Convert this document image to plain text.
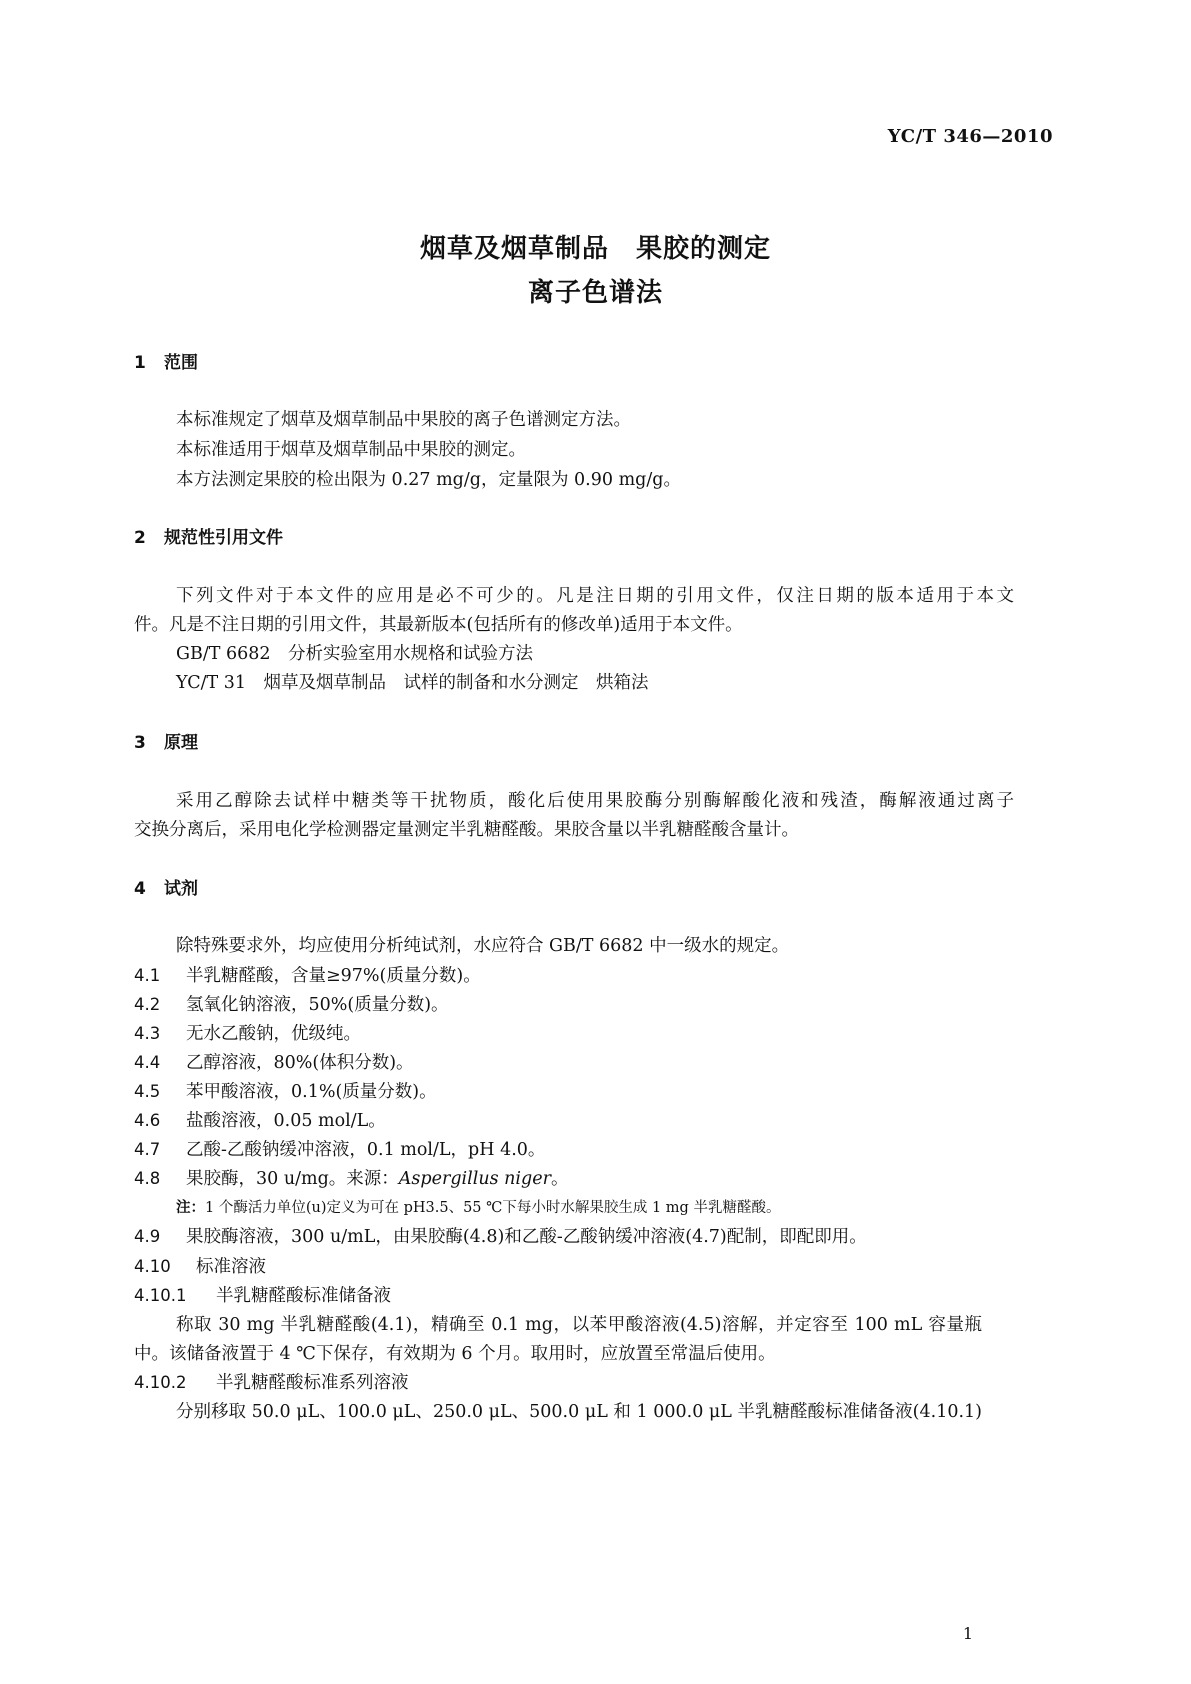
YC/T 346—2010
烟草及烟草制品　果胶的测定
离子色谱法
1 范围
本标准规定了烟草及烟草制品中果胶的离子色谱测定方法。
本标准适用于烟草及烟草制品中果胶的测定。
本方法测定果胶的检出限为 0.27 mg/g，定量限为 0.90 mg/g。
2 规范性引用文件
下列文件对于本文件的应用是必不可少的。凡是注日期的引用文件，仅注日期的版本适用于本文
件。凡是不注日期的引用文件，其最新版本(包括所有的修改单)适用于本文件。
GB/T 6682　分析实验室用水规格和试验方法
YC/T 31　烟草及烟草制品　试样的制备和水分测定　烘箱法
3 原理
采用乙醇除去试样中糖类等干扰物质，酸化后使用果胶酶分别酶解酸化液和残渣，酶解液通过离子
交换分离后，采用电化学检测器定量测定半乳糖醛酸。果胶含量以半乳糖醛酸含量计。
4 试剂
除特殊要求外，均应使用分析纯试剂，水应符合 GB/T 6682 中一级水的规定。
4.1 半乳糖醛酸，含量≥97%(质量分数)。
4.2 氢氧化钠溶液，50%(质量分数)。
4.3 无水乙酸钠，优级纯。
4.4 乙醇溶液，80%(体积分数)。
4.5 苯甲酸溶液，0.1%(质量分数)。
4.6 盐酸溶液，0.05 mol/L。
4.7 乙酸-乙酸钠缓冲溶液，0.1 mol/L，pH 4.0。
4.8 果胶酶，30 u/mg。来源：Aspergillus niger。
注：1 个酶活力单位(u)定义为可在 pH3.5、55 ℃下每小时水解果胶生成 1 mg 半乳糖醛酸。
4.9 果胶酶溶液，300 u/mL，由果胶酶(4.8)和乙酸-乙酸钠缓冲溶液(4.7)配制，即配即用。
4.10 标准溶液
4.10.1 半乳糖醛酸标准储备液
称取 30 mg 半乳糖醛酸(4.1)，精确至 0.1 mg，以苯甲酸溶液(4.5)溶解，并定容至 100 mL 容量瓶
中。该储备液置于 4 ℃下保存，有效期为 6 个月。取用时，应放置至常温后使用。
4.10.2 半乳糖醛酸标准系列溶液
分别移取 50.0 μL、100.0 μL、250.0 μL、500.0 μL 和 1 000.0 μL 半乳糖醛酸标准储备液(4.10.1)
1
